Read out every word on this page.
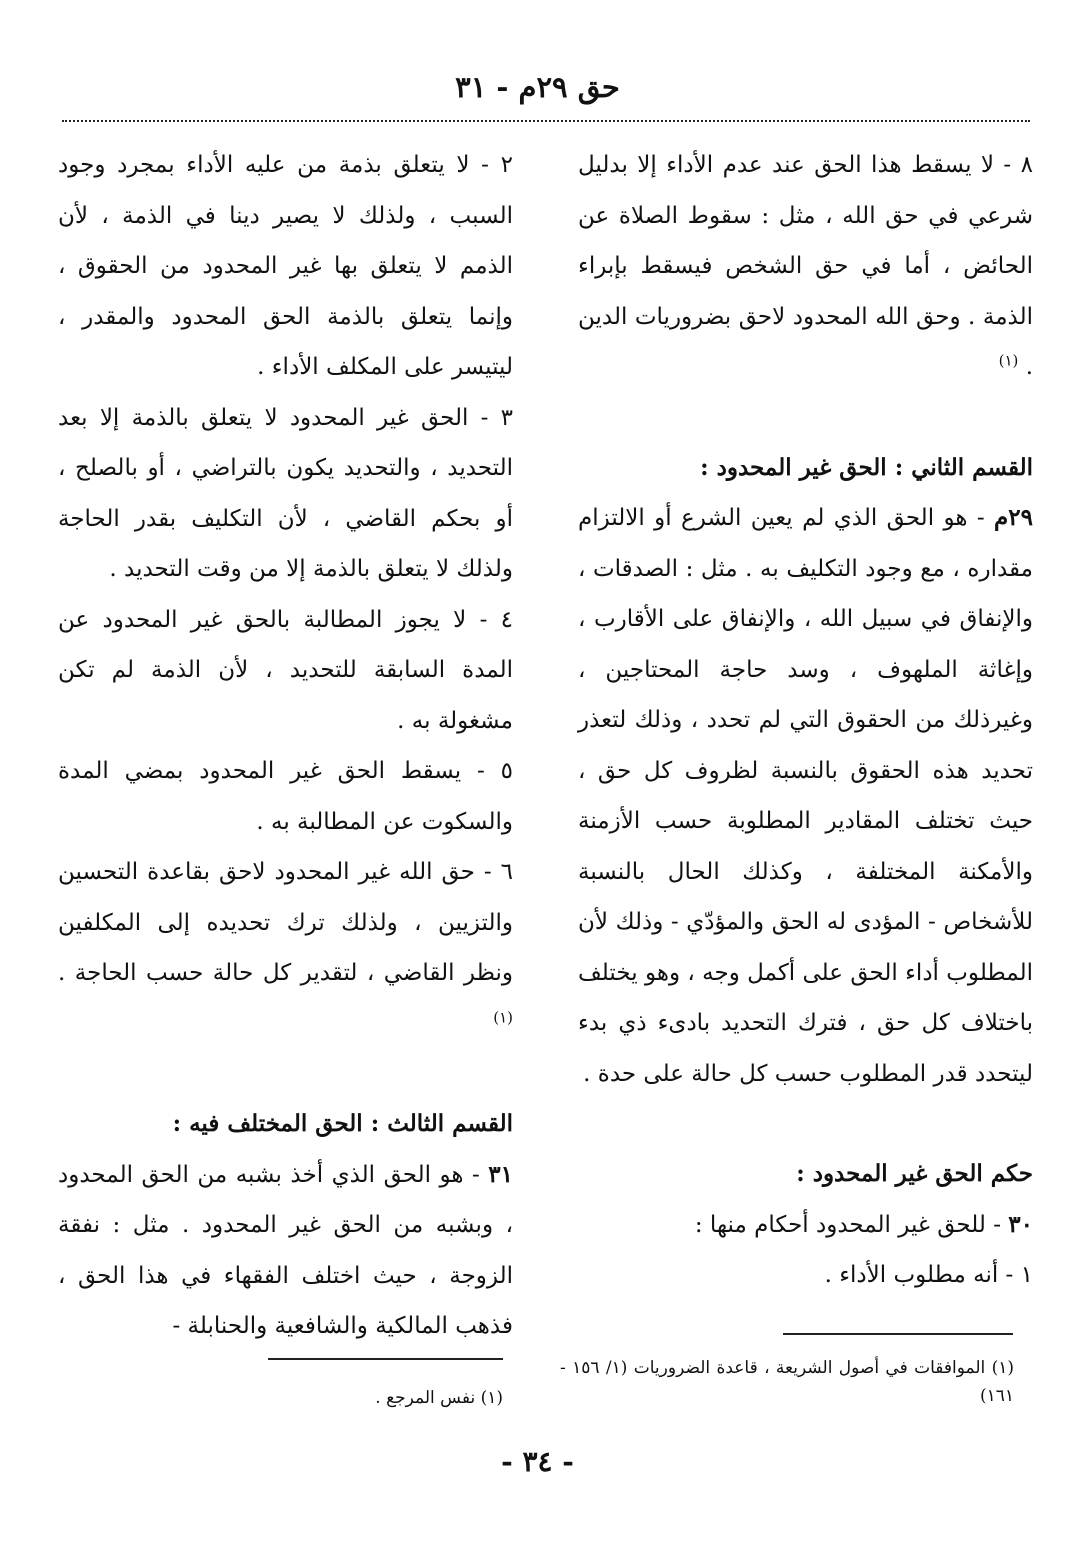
حق ٢٩م - ٣١

٨ - لا يسقط هذا الحق عند عدم الأداء إلا بدليل شرعي في حق الله ، مثل : سقوط الصلاة عن الحائض ، أما في حق الشخص فيسقط بإبراء الذمة . وحق الله المحدود لاحق بضروريات الدين . $^{(١)}$

القسم الثاني : الحق غير المحدود :

٢٩م - هو الحق الذي لم يعين الشرع أو الالتزام مقداره ، مع وجود التكليف به . مثل : الصدقات ، والإنفاق في سبيل الله ، والإنفاق على الأقارب ، وإغاثة الملهوف ، وسد حاجة المحتاجين ، وغيرذلك من الحقوق التي لم تحدد ، وذلك لتعذر تحديد هذه الحقوق بالنسبة لظروف كل حق ، حيث تختلف المقادير المطلوبة حسب الأزمنة والأمكنة المختلفة ، وكذلك الحال بالنسبة للأشخاص - المؤدى له الحق والمؤدّي - وذلك لأن المطلوب أداء الحق على أكمل وجه ، وهو يختلف باختلاف كل حق ، فترك التحديد بادىء ذي بدء ليتحدد قدر المطلوب حسب كل حالة على حدة .

حكم الحق غير المحدود :

٣٠ - للحق غير المحدود أحكام منها :

١ - أنه مطلوب الأداء .

٢ - لا يتعلق بذمة من عليه الأداء بمجرد وجود السبب ، ولذلك لا يصير دينا في الذمة ، لأن الذمم لا يتعلق بها غير المحدود من الحقوق ، وإنما يتعلق بالذمة الحق المحدود والمقدر ، ليتيسر على المكلف الأداء .

٣ - الحق غير المحدود لا يتعلق بالذمة إلا بعد التحديد ، والتحديد يكون بالتراضي ، أو بالصلح ، أو بحكم القاضي ، لأن التكليف بقدر الحاجة ولذلك لا يتعلق بالذمة إلا من وقت التحديد .

٤ - لا يجوز المطالبة بالحق غير المحدود عن المدة السابقة للتحديد ، لأن الذمة لم تكن مشغولة به .

٥ - يسقط الحق غير المحدود بمضي المدة والسكوت عن المطالبة به .

٦ - حق الله غير المحدود لاحق بقاعدة التحسين والتزيين ، ولذلك ترك تحديده إلى المكلفين ونظر القاضي ، لتقدير كل حالة حسب الحاجة . $^{(١)}$

القسم الثالث : الحق المختلف فيه :

٣١ - هو الحق الذي أخذ بشبه من الحق المحدود ، وبشبه من الحق غير المحدود . مثل : نفقة الزوجة ، حيث اختلف الفقهاء في هذا الحق ، فذهب المالكية والشافعية والحنابلة -

(١) الموافقات في أصول الشريعة ، قاعدة الضروريات (١/ ١٥٦ - ١٦١)
(١) نفس المرجع .
- ٣٤ -
